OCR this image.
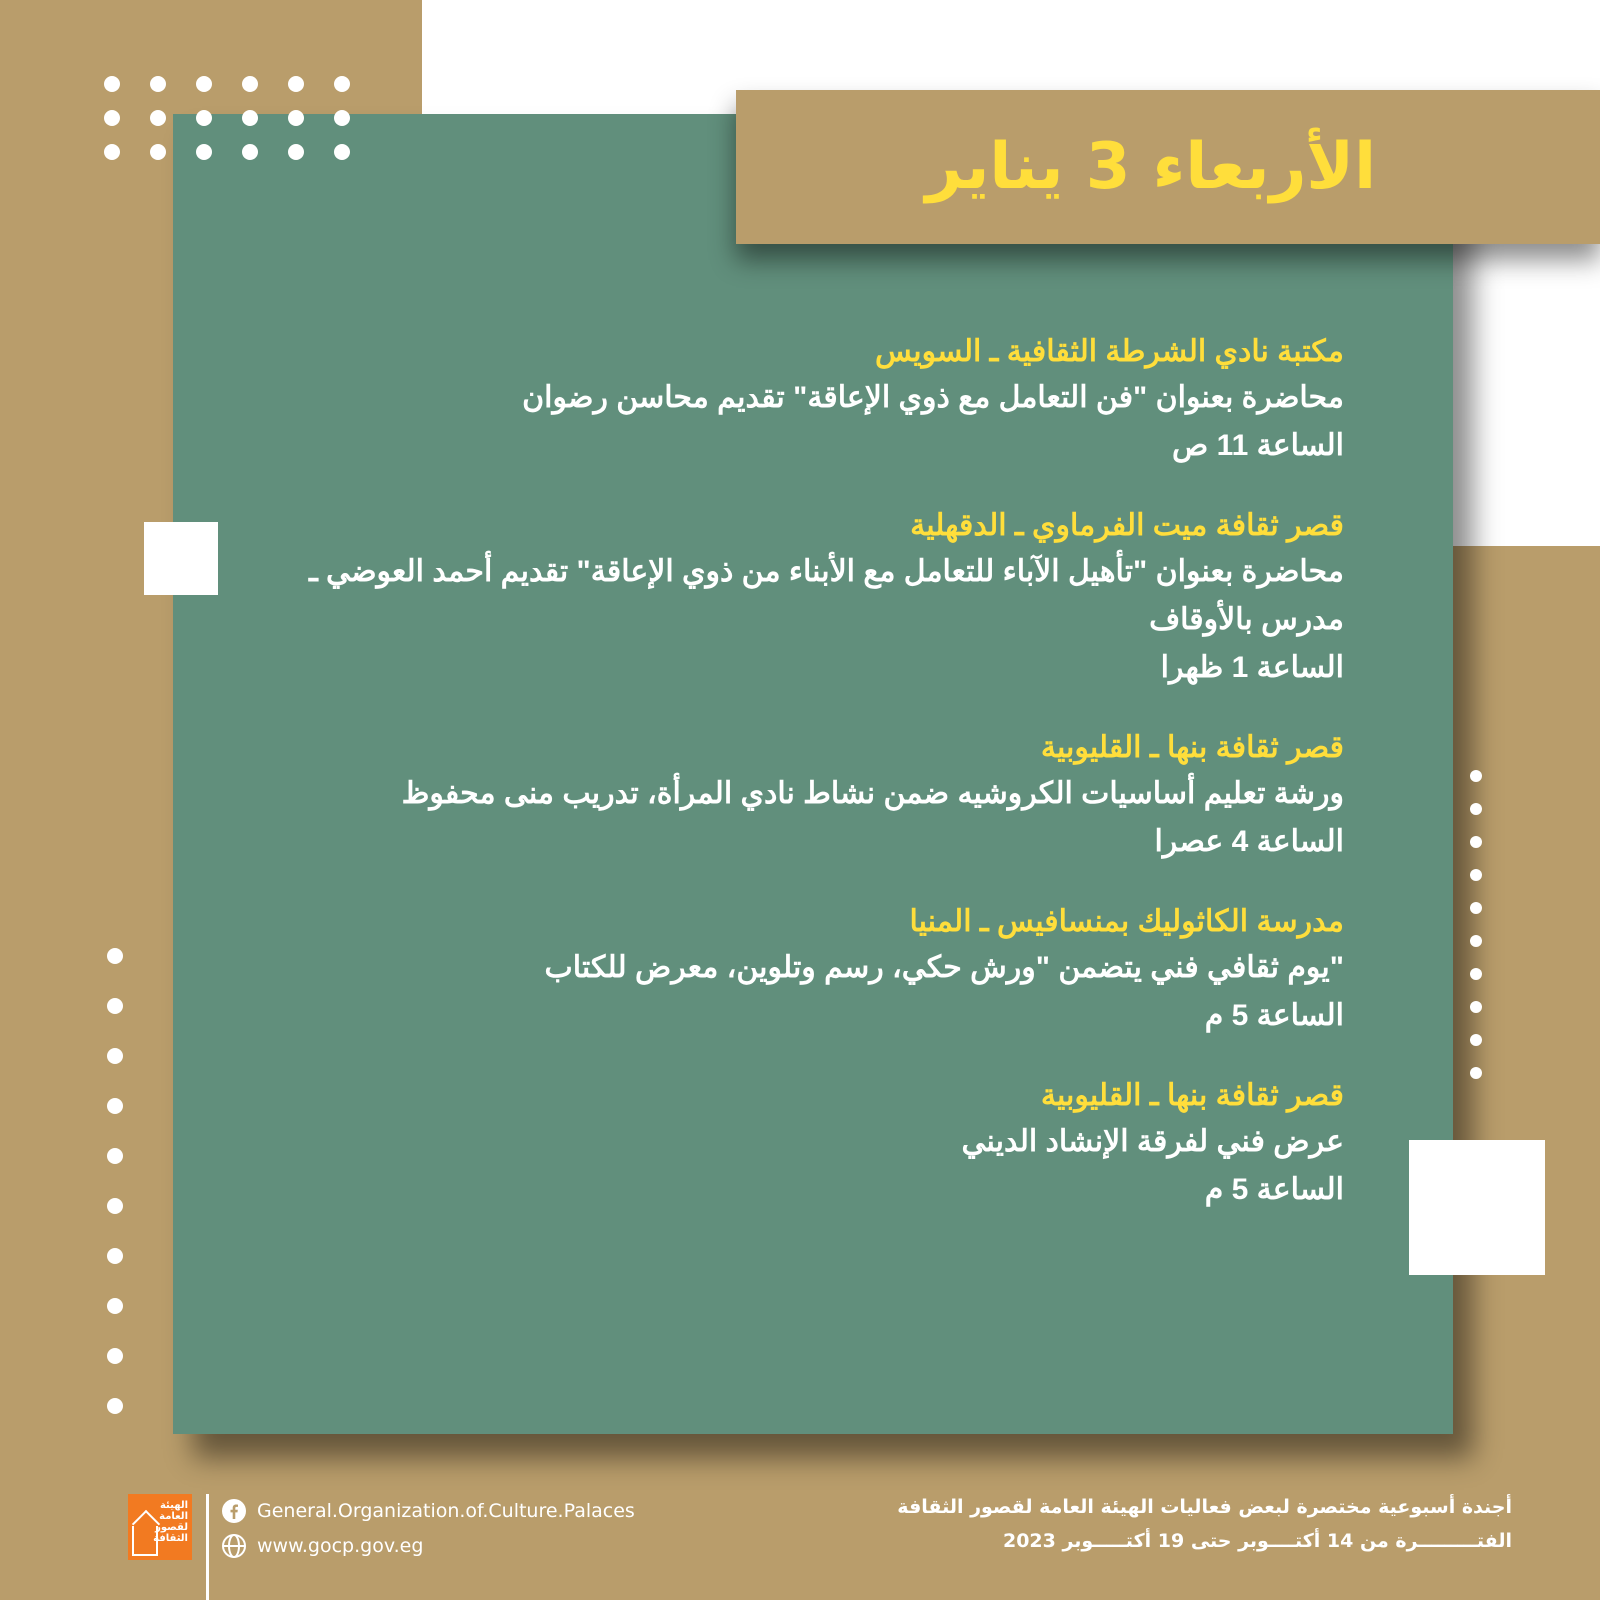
الأربعاء 3 يناير
مكتبة نادي الشرطة الثقافية ـ السويس
محاضرة بعنوان "فن التعامل مع ذوي الإعاقة" تقديم محاسن رضوان
الساعة 11 ص
قصر ثقافة ميت الفرماوي ـ الدقهلية
محاضرة بعنوان "تأهيل الآباء للتعامل مع الأبناء من ذوي الإعاقة" تقديم أحمد العوضي ـ مدرس بالأوقاف
الساعة 1 ظهرا
قصر ثقافة بنها ـ القليوبية
ورشة تعليم أساسيات الكروشيه ضمن نشاط نادي المرأة، تدريب منى محفوظ
الساعة 4 عصرا
مدرسة الكاثوليك بمنسافيس ـ المنيا
"يوم ثقافي فني يتضمن "ورش حكي، رسم وتلوين، معرض للكتاب
الساعة 5 م
قصر ثقافة بنها ـ القليوبية
عرض فني لفرقة الإنشاد الديني
الساعة 5 م
أجندة أسبوعية مختصرة لبعض فعاليات الهيئة العامة لقصور الثقافة
الفتـــــــــرة من 14 أكتــــوبر حتى 19 أكتـــــوبر 2023
الهيئة العامة لقصور الثقافة
General.Organization.of.Culture.Palaces
www.gocp.gov.eg
